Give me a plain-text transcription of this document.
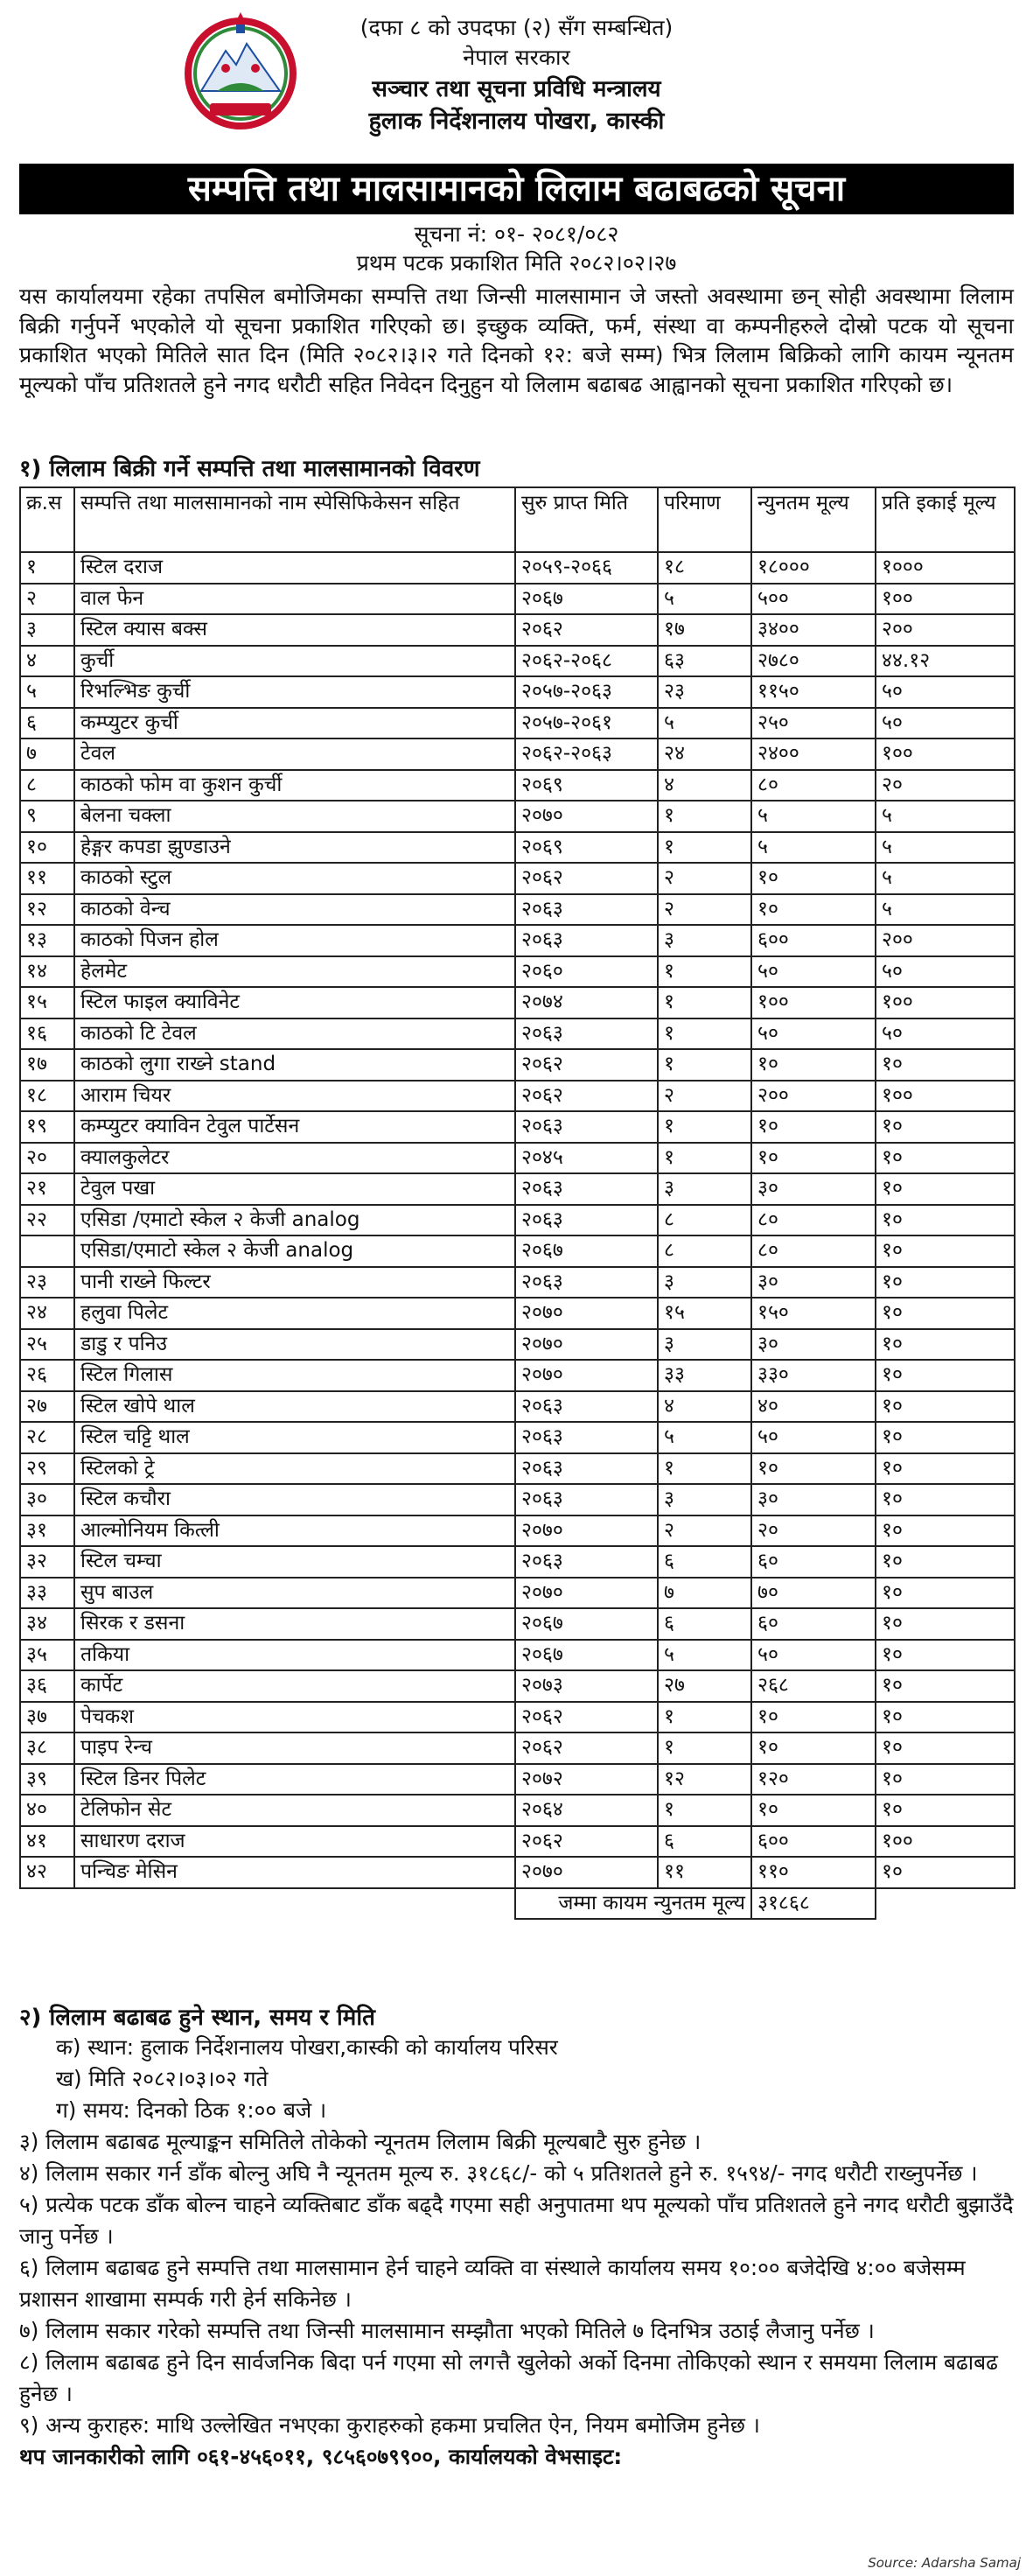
(दफा ८ को उपदफा (२) सँग सम्बन्धित)
नेपाल सरकार
सञ्चार तथा सूचना प्रविधि मन्त्रालय
हुलाक निर्देशनालय पोखरा, कास्की
सम्पत्ति तथा मालसामानको लिलाम बढाबढको सूचना
सूचना नं: ०१- २०८१/०८२
प्रथम पटक प्रकाशित मिति २०८२।०२।२७
यस कार्यालयमा रहेका तपसिल बमोजिमका सम्पत्ति तथा जिन्सी मालसामान जे जस्तो अवस्थामा छन् सोही अवस्थामा लिलाम बिक्री गर्नुपर्ने भएकोले यो सूचना प्रकाशित गरिएको छ। इच्छुक व्यक्ति, फर्म, संस्था वा कम्पनीहरुले दोस्रो पटक यो सूचना प्रकाशित भएको मितिले सात दिन (मिति २०८२।३।२ गते दिनको १२: बजे सम्म) भित्र लिलाम बिक्रिको लागि कायम न्यूनतम मूल्यको पाँच प्रतिशतले हुने नगद धरौटी सहित निवेदन दिनुहुन यो लिलाम बढाबढ आह्वानको सूचना प्रकाशित गरिएको छ।
१) लिलाम बिक्री गर्ने सम्पत्ति तथा मालसामानको विवरण
क्र.स	सम्पत्ति तथा मालसामानको नाम स्पेसिफिकेसन सहित	सुरु प्राप्त मिति	परिमाण	न्युनतम मूल्य	प्रति इकाई मूल्य
१	स्टिल दराज	२०५९-२०६६	१८	१८०००	१०००
२	वाल फेन	२०६७	५	५००	१००
३	स्टिल क्यास बक्स	२०६२	१७	३४००	२००
४	कुर्ची	२०६२-२०६८	६३	२७८०	४४.१२
५	रिभल्भिङ कुर्ची	२०५७-२०६३	२३	११५०	५०
६	कम्प्युटर कुर्ची	२०५७-२०६१	५	२५०	५०
७	टेवल	२०६२-२०६३	२४	२४००	१००
८	काठको फोम वा कुशन कुर्ची	२०६९	४	८०	२०
९	बेलना चक्ला	२०७०	१	५	५
१०	हेङ्गर कपडा झुण्डाउने	२०६९	१	५	५
११	काठको स्टुल	२०६२	२	१०	५
१२	काठको वेन्च	२०६३	२	१०	५
१३	काठको पिजन होल	२०६३	३	६००	२००
१४	हेलमेट	२०६०	१	५०	५०
१५	स्टिल फाइल क्याविनेट	२०७४	१	१००	१००
१६	काठको टि टेवल	२०६३	१	५०	५०
१७	काठको लुगा राख्ने stand	२०६२	१	१०	१०
१८	आराम चियर	२०६२	२	२००	१००
१९	कम्प्युटर क्याविन टेवुल पार्टेसन	२०६३	१	१०	१०
२०	क्यालकुलेटर	२०४५	१	१०	१०
२१	टेवुल पखा	२०६३	३	३०	१०
२२	एसिडा /एमाटो स्केल २ केजी analog	२०६३	८	८०	१०
	एसिडा/एमाटो स्केल २ केजी analog	२०६७	८	८०	१०
२३	पानी राख्ने फिल्टर	२०६३	३	३०	१०
२४	हलुवा पिलेट	२०७०	१५	१५०	१०
२५	डाडु र पनिउ	२०७०	३	३०	१०
२६	स्टिल गिलास	२०७०	३३	३३०	१०
२७	स्टिल खोपे थाल	२०६३	४	४०	१०
२८	स्टिल चट्टि थाल	२०६३	५	५०	१०
२९	स्टिलको ट्रे	२०६३	१	१०	१०
३०	स्टिल कचौरा	२०६३	३	३०	१०
३१	आल्मोनियम कित्ली	२०७०	२	२०	१०
३२	स्टिल चम्चा	२०६३	६	६०	१०
३३	सुप बाउल	२०७०	७	७०	१०
३४	सिरक र डसना	२०६७	६	६०	१०
३५	तकिया	२०६७	५	५०	१०
३६	कार्पेट	२०७३	२७	२६८	१०
३७	पेचकश	२०६२	१	१०	१०
३८	पाइप रेन्च	२०६२	१	१०	१०
३९	स्टिल डिनर पिलेट	२०७२	१२	१२०	१०
४०	टेलिफोन सेट	२०६४	१	१०	१०
४१	साधारण दराज	२०६२	६	६००	१००
४२	पन्चिङ मेसिन	२०७०	११	११०	१०
		जम्मा कायम न्युनतम मूल्य		३१८६८	
२) लिलाम बढाबढ हुने स्थान, समय र मिति

क) स्थान: हुलाक निर्देशनालय पोखरा,कास्की को कार्यालय परिसर

ख) मिति २०८२।०३।०२ गते

ग) समय: दिनको ठिक १:०० बजे ।

३) लिलाम बढाबढ मूल्याङ्कन समितिले तोकेको न्यूनतम लिलाम बिक्री मूल्यबाटै सुरु हुनेछ ।

४) लिलाम सकार गर्न डाँक बोल्नु अघि नै न्यूनतम मूल्य रु. ३१८६८/- को ५ प्रतिशतले हुने रु. १५९४/- नगद धरौटी राख्नुपर्नेछ ।

५) प्रत्येक पटक डाँक बोल्न चाहने व्यक्तिबाट डाँक बढ्दै गएमा सही अनुपातमा थप मूल्यको पाँच प्रतिशतले हुने नगद धरौटी बुझाउँदै जानु पर्नेछ ।

६) लिलाम बढाबढ हुने सम्पत्ति तथा मालसामान हेर्न चाहने व्यक्ति वा संस्थाले कार्यालय समय १०:०० बजेदेखि ४:०० बजेसम्म प्रशासन शाखामा सम्पर्क गरी हेर्न सकिनेछ ।

७) लिलाम सकार गरेको सम्पत्ति तथा जिन्सी मालसामान सम्झौता भएको मितिले ७ दिनभित्र उठाई लैजानु पर्नेछ ।

८) लिलाम बढाबढ हुने दिन सार्वजनिक बिदा पर्न गएमा सो लगत्तै खुलेको अर्को दिनमा तोकिएको स्थान र समयमा लिलाम बढाबढ हुनेछ ।

९) अन्य कुराहरु: माथि उल्लेखित नभएका कुराहरुको हकमा प्रचलित ऐन, नियम बमोजिम हुनेछ ।

थप जानकारीको लागि ०६१-४५६०११, ९८५६०७९९००, कार्यालयको वेभसाइट:

Source: Adarsha Samaj
